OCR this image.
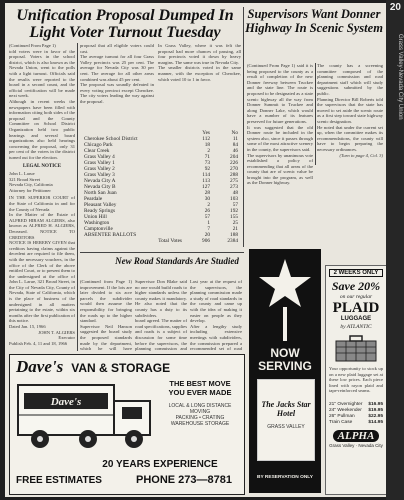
20
Grass Valley-Nevada City Union
Unification Proposal Dumped In Light Voter Turnout Tuesday
Supervisors Want Donner Highway In Scenic System
(Continued From Page 1)
told voters were in favor of the proposal. Voters in the school district, which is also known as the Nevada Union, went to the polls with a light turnout. Officials said the results were reported to the board in a second count, and the official certification will be made next week.
Although in recent weeks the newspapers have been filled with information citing both sides of the proposal and the County Committee on School District Organization held two public hearings and several board organizations also held hearings concerning the proposal, only 31 per cent of the voters in the district turned out for the election.
LEGAL NOTICE
John L. Larue
321 Broad Street
Nevada City, California
Attorney for Petitioner
IN THE SUPERIOR COURT of the State of California in and for the County of Nevada
In the Matter of the Estate of ALFRED HIRAM ALGIERS, also known as ALFRED H. ALGIERS, Deceased. NOTICE TO CREDITORS
NOTICE IS HEREBY GIVEN that creditors having claims against the decedent are required to file them, with the necessary vouchers, in the office of the Clerk of the above entitled Court, or to present them to the undersigned at the office of John L. Larue, 321 Broad Street, in the City of Nevada City, County of Nevada, State of California, which is the place of business of the undersigned in all matters pertaining to the estate, within six months after the first publication of this notice.
Dated Jan. 15, 1966
JOHN T. ALGIERS
Executor
Publish Feb. 4, 11 and 18, 1966
proposal that all eligible voters could cast.
The average turnout for all four Grass Valley precincts was 25 per cent. The average for Nevada City was 30 per cent. The average for all other areas combined was about 45 per cent.
The proposal was soundly defeated in every voting precinct except Cherokee. The city voters leading the way against the proposal.
In Grass Valley, where it was felt the proposal had more chances of passing, all four precincts voted it down by heavy margins. The same was true in Nevada City.
The smaller districts voted in the same manner, with the exception of Cherokee, which voted 10 to 1 in favor.
	Yes	No
Cherokee School District	112	11
Chicago Park	18	84
Clear Creek	2	46
Grass Valley 4	71	204
Grass Valley 1	73	226
Grass Valley 2	92	270
Grass Valley 3	114	288
Nevada City A	113	275
Nevada City B	127	273
North San Juan	28	48
Peardale	30	103
Pleasant Valley	2	57
Ready Springs	26	192
Union Hill	57	155
Washington	1	25
Camptonville	7	21
ABSENTEE BALLOTS	20	188
Total Votes	906	2384
New Road Standards Are Studied
(Continued from Page 1) improvement. If the lots are later divided to six acre parcels the subdivider would then assume the responsibility for bringing the roads up to the higher standard.
Supervisor Neil Hanson suggested the board study the proposed standards made by the department, which he will have
Supervisor Don Blake said no one would build roads to higher standards unless the county makes it mandatory. He also noted that the county has a duty to its subdividers.
board agreed. The matter of road specifications, supplies and roads is a subject of discussion for some time before the supervisors, the planning commission and
Last year at the request of the supervisors, the planning commission made a study of road standards in the county and came up with the idea of making it easier on people as they develop.
After a lengthy study including extensive meetings with subdividers, the commission prepared a recommended set of road
(Continued From Page 1) said it is being proposed to the county as a result of completion of the new Donner freeway between Truckee and the state line. The route is proposed to be designated as a state scenic highway all the way from Donner Summit to Truckee and along Donner Lake, which would have a number of its features preserved for future generations.
It was suggested that the old Donner route be included in the system also, since it passes through some of the most attractive scenery in the county, the supervisors said.
The supervisors by unanimous vote established a policy of recommending that all areas of the county that are of scenic value be brought into the program, as well as the Donner highway.
The county has a screening committee composed of the planning commission and road department staff which will study suggestions submitted by the public.
Planning Director Bill Roberts told the supervisors that the state has moved to set aside the scenic route as a first step toward state highway scenic designation.
He noted that under the current set up, when the committee makes its recommendations, the county will have to begin preparing the necessary ordinances.
(Turn to page 4, Col. 3)
Dave's VAN & STORAGE
THE BEST MOVE
YOU EVER MADE
LOCAL & LONG DISTANCE MOVING
PACKING • CRATING
WAREHOUSE STORAGE
Dave's
20 YEARS EXPERIENCE
FREE ESTIMATES	PHONE 273—8781
NOW SERVING
The Jacks Star Hotel
GRASS VALLEY
BY RESERVATION ONLY
2 WEEKS ONLY
Save 20%
on our regular
PLAID
LUGGAGE
by ATLANTIC
Your opportunity to stock up on a new plaid luggage set at these low prices. Each piece lined with rayon plaid and tape-reinforced seams.
21" Overnighter $16.95
24" Weekender $19.95
26" Pullman	$22.95
Train Case	$14.95
ALPHA
Grass Valley · Nevada City
